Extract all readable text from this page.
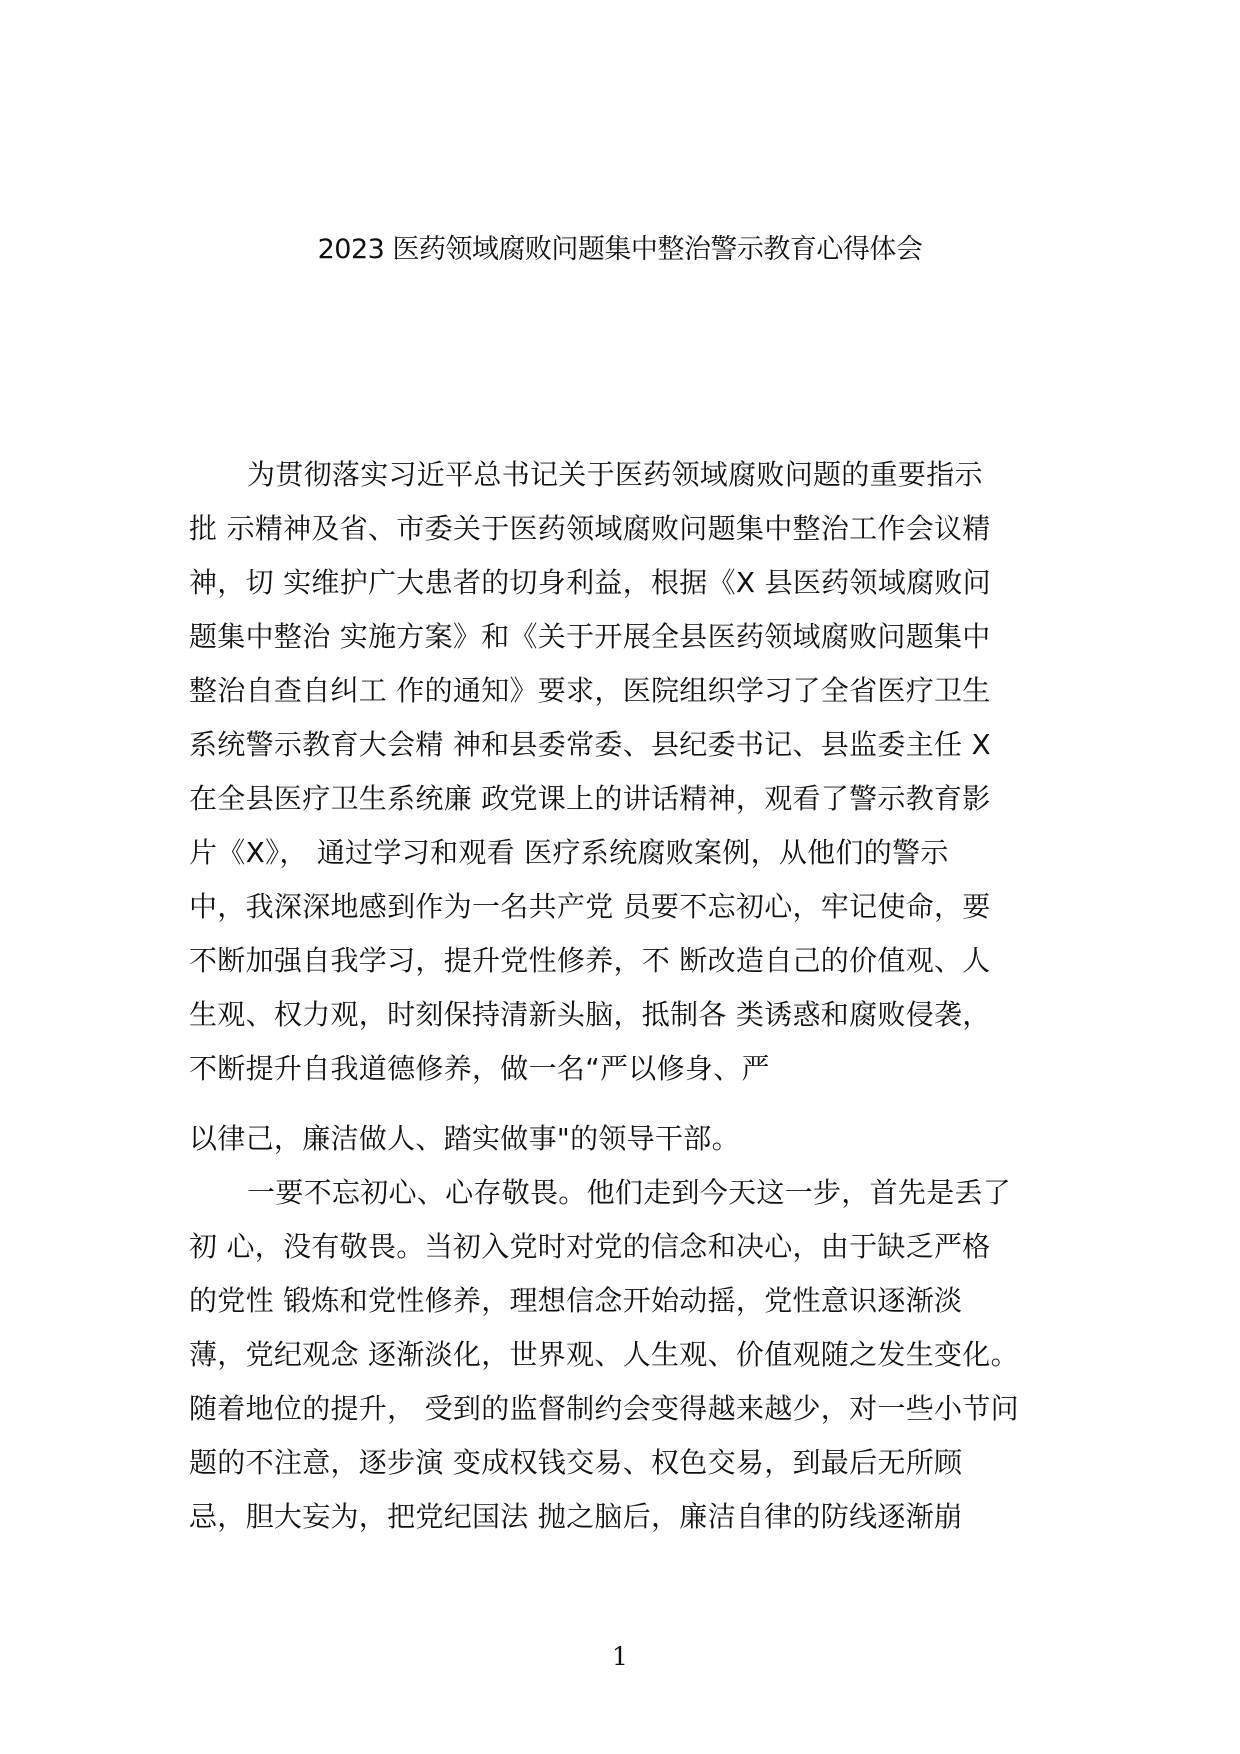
2023 医药领域腐败问题集中整治警示教育心得体会
为贯彻落实习近平总书记关于医药领域腐败问题的重要指示
批 示精神及省、市委关于医药领域腐败问题集中整治工作会议精
神，切 实维护广大患者的切身利益，根据《X 县医药领域腐败问
题集中整治 实施方案》和《关于开展全县医药领域腐败问题集中
整治自查自纠工 作的通知》要求，医院组织学习了全省医疗卫生
系统警示教育大会精 神和县委常委、县纪委书记、县监委主任 X
在全县医疗卫生系统廉 政党课上的讲话精神，观看了警示教育影
片《X》， 通过学习和观看 医疗系统腐败案例，从他们的警示
中，我深深地感到作为一名共产党 员要不忘初心，牢记使命，要
不断加强自我学习，提升党性修养，不 断改造自己的价值观、人
生观、权力观，时刻保持清新头脑，抵制各 类诱惑和腐败侵袭，
不断提升自我道德修养，做一名“严以修身、严
以律己，廉洁做人、踏实做事"的领导干部。
一要不忘初心、心存敬畏。他们走到今天这一步，首先是丢了
初 心，没有敬畏。当初入党时对党的信念和决心，由于缺乏严格
的党性 锻炼和党性修养，理想信念开始动摇，党性意识逐渐淡
薄，党纪观念 逐渐淡化，世界观、人生观、价值观随之发生变化。
随着地位的提升， 受到的监督制约会变得越来越少，对一些小节问
题的不注意，逐步演 变成权钱交易、权色交易，到最后无所顾
忌，胆大妄为，把党纪国法 抛之脑后，廉洁自律的防线逐渐崩
1
